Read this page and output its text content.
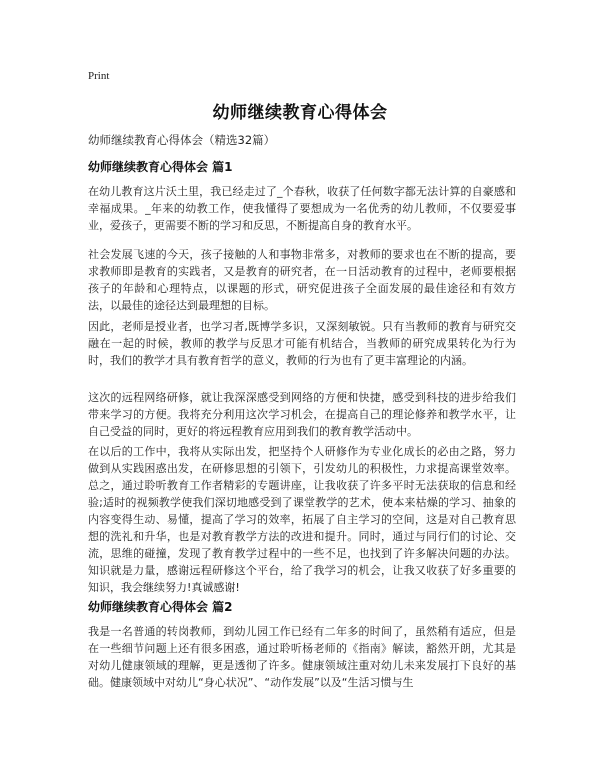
Print
幼师继续教育心得体会
幼师继续教育心得体会（精选32篇）
幼师继续教育心得体会 篇1
在幼儿教育这片沃土里，我已经走过了_个春秋，收获了任何数字都无法计算的自豪感和幸福成果。_年来的幼教工作，使我懂得了要想成为一名优秀的幼儿教师，不仅要爱事业，爱孩子，更需要不断的学习和反思，不断提高自身的教育水平。
社会发展飞速的今天，孩子接触的人和事物非常多，对教师的要求也在不断的提高，要求教师即是教育的实践者，又是教育的研究者，在一日活动教育的过程中，老师要根据孩子的年龄和心理特点，以课题的形式，研究促进孩子全面发展的最佳途径和有效方法，以最佳的途径达到最理想的目标。
因此，老师是授业者，也学习者,既博学多识，又深刻敏锐。只有当教师的教育与研究交融在一起的时候，教师的教学与反思才可能有机结合，当教师的研究成果转化为行为时，我们的教学才具有教育哲学的意义，教师的行为也有了更丰富理论的内涵。
这次的远程网络研修，就让我深深感受到网络的方便和快捷，感受到科技的进步给我们带来学习的方便。我将充分利用这次学习机会，在提高自己的理论修养和教学水平，让自己受益的同时，更好的将远程教育应用到我们的教育教学活动中。
在以后的工作中，我将从实际出发，把坚持个人研修作为专业化成长的必由之路，努力做到从实践困惑出发，在研修思想的引领下，引发幼儿的积极性，力求提高课堂效率。总之，通过聆听教育工作者精彩的专题讲座，让我收获了许多平时无法获取的信息和经验;适时的视频教学使我们深切地感受到了课堂教学的艺术，使本来枯燥的学习、抽象的内容变得生动、易懂，提高了学习的效率，拓展了自主学习的空间，这是对自己教育思想的洗礼和升华，也是对教育教学方法的改进和提升。同时，通过与同行们的讨论、交流，思维的碰撞，发现了教育教学过程中的一些不足，也找到了许多解决问题的办法。知识就是力量，感谢远程研修这个平台，给了我学习的机会，让我又收获了好多重要的知识，我会继续努力!真诚感谢!
幼师继续教育心得体会 篇2
我是一名普通的转岗教师，到幼儿园工作已经有二年多的时间了，虽然稍有适应，但是在一些细节问题上还有很多困惑，通过聆听杨老师的《指南》解读，豁然开朗，尤其是对幼儿健康领域的理解，更是透彻了许多。健康领域注重对幼儿未来发展打下良好的基础。健康领域中对幼儿“身心状况”、“动作发展”以及“生活习惯与生
